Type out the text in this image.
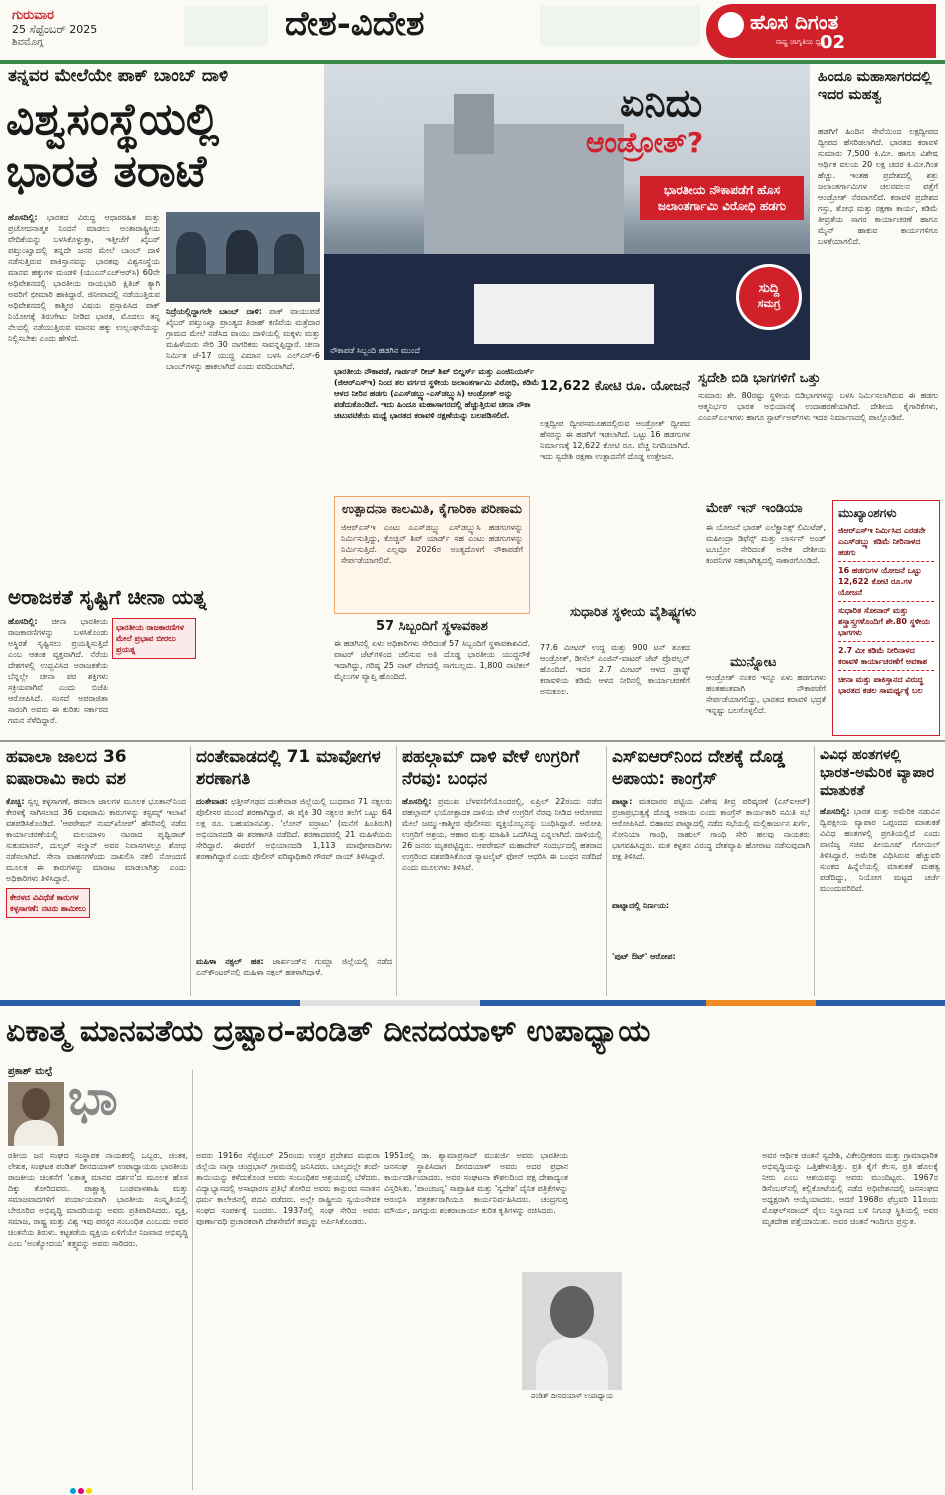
ಗುರುವಾರ
25 ಸೆಪ್ಟೆಂಬರ್ 2025
ಶಿವಮೊಗ್ಗ	ದೇಶ-ವಿದೇಶ	ಹೊಸ ದಿಗಂತ
ರಾಷ್ಟ್ರ ಜಾಗೃತಿಯ ಧ್ವನಿ
02
ತನ್ನವರ ಮೇಲೆಯೇ ಪಾಕ್ ಬಾಂಬ್ ದಾಳಿ
ವಿಶ್ವಸಂಸ್ಥೆಯಲ್ಲಿ
ಭಾರತ ತರಾಟೆ
ಹೊಸದಿಲ್ಲಿ: ಭಾರತದ ವಿರುದ್ಧ ಆಧಾರರಹಿತ ಮತ್ತು ಪ್ರಚೋದನಾತ್ಮಕ ನಿಂದನೆ ಮಾಡಲು ಅಂತಾರಾಷ್ಟ್ರೀಯ ವೇದಿಕೆಯನ್ನು ಬಳಸಿಕೊಳ್ಳುತ್ತಾ, ಇತ್ತೀಚೆಗೆ ಖೈಬರ್ ಪಖ್ತುಂಖ್ವಾದಲ್ಲಿ ತನ್ನದೇ ಜನರ ಮೇಲೆ ಬಾಂಬ್ ದಾಳಿ ನಡೆಸುತ್ತಿರುವ ಪಾಕಿಸ್ತಾನವನ್ನು ಭಾರತವು ವಿಶ್ವಸಂಸ್ಥೆಯ ಮಾನವ ಹಕ್ಕುಗಳ ಮಂಡಳಿ (ಯುಎನ್‌ಎಚ್‌ಆರ್‌ಸಿ) 60ನೇ ಅಧಿವೇಶನದಲ್ಲಿ ಭಾರತೀಯ ರಾಯಭಾರಿ ಕ್ಷಿತಿಜ್ ತ್ಯಾಗಿ ಅವರಿಗೆ ಛೀಮಾರಿ ಹಾಕಿದ್ದಾರೆ. ಜಿನೀವಾದಲ್ಲಿ ನಡೆಯುತ್ತಿರುವ ಅಧಿವೇಶನದಲ್ಲಿ ಕಾಶ್ಮೀರ ವಿಷಯ ಪ್ರಸ್ತಾಪಿಸಿದ ಪಾಕ್ ನಿಯೋಗಕ್ಕೆ ತಿರುಗೇಟು ನೀಡಿದ ಭಾರತ, ಮೊದಲು ತನ್ನ ನೆಲದಲ್ಲಿ ನಡೆಯುತ್ತಿರುವ ಮಾನವ ಹಕ್ಕು ಉಲ್ಲಂಘನೆಯನ್ನು ನಿಲ್ಲಿಸಬೇಕು ಎಂದು ಹೇಳಿದೆ.
ನಿದ್ರೆಯಲ್ಲಿದ್ದಾಗಲೇ ಬಾಂಬ್ ದಾಳಿ: ಪಾಕ್ ವಾಯುಪಡೆ ಖೈಬರ್ ಪಖ್ತುಂಖ್ವಾ ಪ್ರಾಂತ್ಯದ ತಿರಾಹ್ ಕಣಿವೆಯ ಮತ್ರೆದಾರ ಗ್ರಾಮದ ಮೇಲೆ ನಡೆಸಿದ ವಾಯು ದಾಳಿಯಲ್ಲಿ ಮಕ್ಕಳು ಮತ್ತು ಮಹಿಳೆಯರು ಸೇರಿ 30 ನಾಗರಿಕರು ಸಾವನ್ನಪ್ಪಿದ್ದಾರೆ. ಚೀನಾ ನಿರ್ಮಿತ ಜೆ-17 ಯುದ್ಧ ವಿಮಾನ ಬಳಸಿ ಎಲ್‌ಎಸ್-6 ಬಾಂಬ್‌ಗಳನ್ನು ಹಾಕಲಾಗಿದೆ ಎಂದು ವರದಿಯಾಗಿದೆ.
ನೌಕಾಪಡೆ ಸಿಬ್ಬಂದಿ ಹಡಗಿನ ಮುಂದೆ
ಏನಿದು
ಆಂಡ್ರೋತ್?
ಭಾರತೀಯ ನೌಕಾಪಡೆಗೆ ಹೊಸ ಜಲಾಂತರ್ಗಾಮಿ ವಿರೋಧಿ ಹಡಗು
ಸುದ್ದಿ
ಸಮಗ್ರ
ಭಾರತೀಯ ನೌಕಾಪಡೆ, ಗಾರ್ಡನ್ ರೀಚ್ ಶಿಪ್ ಬಿಲ್ಡರ್ಸ್ ಮತ್ತು ಎಂಜಿನಿಯರ್ಸ್ (ಜಿಆರ್‌ಎಸ್‌ಇ) ನಿಂದ ತಲ ವರ್ಗದ ಸ್ಥಳೀಯ ಜಲಾಂತರ್ಗಾಮಿ ವಿರೋಧಿ, ಕಡಿಮೆ ಆಳದ ನೀರಿನ ಹಡಗು (ಎಎಸ್‌ಡಬ್ಲ್ಯು-ಎಸ್‌ಡಬ್ಲ್ಯುಸಿ) ಆಂಡ್ರೋತ್ ಅನ್ನು ಪಡೆದುಕೊಂಡಿದೆ. ಇದು ಹಿಂದೂ ಮಹಾಸಾಗರದಲ್ಲಿ ಹೆಚ್ಚುತ್ತಿರುವ ಚೀನಾ ನೌಕಾ ಚಟುವಟಿಕೆಯ ಮಧ್ಯೆ ಭಾರತದ ಕರಾವಳಿ ರಕ್ಷಣೆಯನ್ನು ಬಲಪಡಿಸಲಿದೆ.
ಹಿಂದೂ ಮಹಾಸಾಗರದಲ್ಲಿ ಇದರ ಮಹತ್ವ
ಹಡಗಿಗೆ ಹಿಂದಿನ ಸೇವೆಯಿಂದ ಲಕ್ಷದ್ವೀಪದ ದ್ವೀಪದ ಹೆಸರಿಡಲಾಗಿದೆ. ಭಾರತದ ಕರಾವಳಿ ಸುಮಾರು 7,500 ಕಿ.ಮೀ. ಹಾಗೂ ವಿಶೇಷ ಆರ್ಥಿಕ ವಲಯ 20 ಲಕ್ಷ ಚದರ ಕಿ.ಮೀ.ಗಿಂತ ಹೆಚ್ಚು. ಇಂತಹ ಪ್ರದೇಶದಲ್ಲಿ ಶತ್ರು ಜಲಾಂತರ್ಗಾಮಿಗಳ ಚಲನವಲನ ಪತ್ತೆಗೆ ಆಂಡ್ರೋತ್ ನೆರವಾಗಲಿದೆ. ಕರಾವಳಿ ಪ್ರದೇಶದ ಗಸ್ತು, ಶೋಧ ಮತ್ತು ರಕ್ಷಣಾ ಕಾರ್ಯ, ಕಡಿಮೆ ತೀವ್ರತೆಯ ಸಾಗರ ಕಾರ್ಯಾಚರಣೆ ಹಾಗೂ ಮೈನ್ ಹಾಕುವ ಕಾರ್ಯಗಳಿಗೂ ಬಳಕೆಯಾಗಲಿದೆ.
ಉತ್ಪಾದನಾ ಕಾಲಮಿತಿ, ಕೈಗಾರಿಕಾ ಪರಿಣಾಮ
ಜಿಆರ್‌ಎಸ್‌ಇ ಎಂಟು ಎಎಸ್‌ಡಬ್ಲ್ಯು ಎಸ್‌ಡಬ್ಲ್ಯುಸಿ ಹಡಗುಗಳನ್ನು ನಿರ್ಮಿಸುತ್ತಿದ್ದು, ಕೊಚ್ಚಿನ್ ಶಿಪ್ ಯಾರ್ಡ್ ಸಹ ಎಂಟು ಹಡಗುಗಳನ್ನು ನಿರ್ಮಿಸುತ್ತಿದೆ. ಎಲ್ಲವೂ 2026ರ ಅಂತ್ಯದೊಳಗೆ ನೌಕಾಪಡೆಗೆ ಸೇರ್ಪಡೆಯಾಗಲಿವೆ.
57 ಸಿಬ್ಬಂದಿಗೆ ಸ್ಥಳಾವಕಾಶ
ಈ ಹಡಗಿನಲ್ಲಿ ಏಳು ಅಧಿಕಾರಿಗಳು ಸೇರಿದಂತೆ 57 ಸಿಬ್ಬಂದಿಗೆ ಸ್ಥಳಾವಕಾಶವಿದೆ. ವಾಟರ್ ಜೆಟ್‌ಗಳಿಂದ ಚಲಿಸುವ ಅತಿ ದೊಡ್ಡ ಭಾರತೀಯ ಯುದ್ಧನೌಕೆ ಇದಾಗಿದ್ದು, ಗರಿಷ್ಠ 25 ನಾಟ್ ವೇಗದಲ್ಲಿ ಸಾಗಬಲ್ಲದು. 1,800 ನಾಟಿಕಲ್ ಮೈಲುಗಳ ವ್ಯಾಪ್ತಿ ಹೊಂದಿದೆ.
12,622 ಕೋಟಿ ರೂ. ಯೋಜನೆ
ಲಕ್ಷದ್ವೀಪ ದ್ವೀಪಸಮೂಹದಲ್ಲಿರುವ ಆಂಡ್ರೋತ್ ದ್ವೀಪದ ಹೆಸರನ್ನು ಈ ಹಡಗಿಗೆ ಇಡಲಾಗಿದೆ. ಒಟ್ಟು 16 ಹಡಗುಗಳ ನಿರ್ಮಾಣಕ್ಕೆ 12,622 ಕೋಟಿ ರೂ. ವೆಚ್ಚ ನಿಗದಿಯಾಗಿದೆ. ಇದು ಸ್ವದೇಶಿ ರಕ್ಷಣಾ ಉತ್ಪಾದನೆಗೆ ದೊಡ್ಡ ಉತ್ತೇಜನ.
ಸುಧಾರಿತ ಸ್ಥಳೀಯ ವೈಶಿಷ್ಟ್ಯಗಳು
77.6 ಮೀಟರ್ ಉದ್ದ ಮತ್ತು 900 ಟನ್ ತೂಕದ ಆಂಡ್ರೋತ್, ಡೀಸೆಲ್ ಎಂಜಿನ್-ವಾಟರ್ ಜೆಟ್ ಪ್ರೊಪಲ್ಷನ್ ಹೊಂದಿದೆ. ಇದರ 2.7 ಮೀಟರ್ ಆಳದ ಡ್ರಾಫ್ಟ್ ಕರಾವಳಿಯ ಕಡಿಮೆ ಆಳದ ನೀರಿನಲ್ಲಿ ಕಾರ್ಯಾಚರಣೆಗೆ ಅನುಕೂಲ.
ಸ್ವದೇಶಿ ಬಿಡಿ ಭಾಗಗಳಿಗೆ ಒತ್ತು
ಸುಮಾರು ಶೇ. 80ರಷ್ಟು ಸ್ಥಳೀಯ ಬಿಡಿಭಾಗಗಳನ್ನು ಬಳಸಿ ನಿರ್ಮಿಸಲಾಗಿರುವ ಈ ಹಡಗು ಆತ್ಮನಿರ್ಭರ ಭಾರತ ಅಭಿಯಾನಕ್ಕೆ ಉದಾಹರಣೆಯಾಗಿದೆ. ದೇಶೀಯ ಕೈಗಾರಿಕೆಗಳು, ಎಂಎಸ್‌ಎಂಇಗಳು ಹಾಗೂ ಸ್ಟಾರ್ಟ್‌ಅಪ್‌ಗಳು ಇದರ ನಿರ್ಮಾಣದಲ್ಲಿ ಪಾಲ್ಗೊಂಡಿವೆ.
ಮೇಕ್ ಇನ್ ಇಂಡಿಯಾ
ಈ ಯೋಜನೆ ಭಾರತ್ ಎಲೆಕ್ಟ್ರಾನಿಕ್ಸ್ ಲಿಮಿಟೆಡ್, ಮಹೀಂದ್ರಾ ಡಿಫೆನ್ಸ್ ಮತ್ತು ಲಾರ್ಸನ್ ಅಂಡ್ ಟೂಬ್ರೋ ಸೇರಿದಂತೆ ಅನೇಕ ದೇಶೀಯ ಕಂಪನಿಗಳ ಸಹಭಾಗಿತ್ವದಲ್ಲಿ ಸಾಕಾರಗೊಂಡಿದೆ.
ಮುನ್ನೋಟ
ಆಂಡ್ರೋತ್ ನಂತರ ಇನ್ನೂ ಏಳು ಹಡಗುಗಳು ಹಂತಹಂತವಾಗಿ ನೌಕಾಪಡೆಗೆ ಸೇರ್ಪಡೆಯಾಗಲಿದ್ದು, ಭಾರತದ ಕರಾವಳಿ ಭದ್ರತೆ ಇನ್ನಷ್ಟು ಬಲಗೊಳ್ಳಲಿದೆ.
ಮುಖ್ಯಾಂಶಗಳು
ಜಿಆರ್‌ಎಸ್‌ಇ ನಿರ್ಮಿಸಿದ ಎರಡನೇ ಎಎಸ್‌ಡಬ್ಲ್ಯು ಕಡಿಮೆ ನೀರಿನಾಳದ ಹಡಗು
16 ಹಡಗುಗಳ ಯೋಜನೆ ಒಟ್ಟು 12,622 ಕೋಟಿ ರೂ.ಗಳ ಯೋಜನೆ
ಸುಧಾರಿತ ಸೋನಾರ್ ಮತ್ತು ಶಸ್ತ್ರಾಸ್ತ್ರಗಳೊಂದಿಗೆ ಶೇ.80 ಸ್ಥಳೀಯ ಭಾಗಗಳು
2.7 ಮೀ ಕಡಿಮೆ ನೀರಿನಾಳದ ಕರಾವಳಿ ಕಾರ್ಯಾಚರಣೆಗೆ ಅವಕಾಶ
ಚೀನಾ ಮತ್ತು ಪಾಕಿಸ್ತಾನದ ವಿರುದ್ಧ ಭಾರತದ ಕಡಲ ಸಾಮರ್ಥ್ಯಕ್ಕೆ ಬಲ
ಅರಾಜಕತೆ ಸೃಷ್ಟಿಗೆ ಚೀನಾ ಯತ್ನ
ಹೊಸದಿಲ್ಲಿ: ಚೀನಾ ಭಾರತೀಯ ರಾಜಕಾರಣಿಗಳನ್ನು ಬಳಸಿಕೊಂಡು ಅಸ್ಥಿರತೆ ಸೃಷ್ಟಿಸಲು ಪ್ರಯತ್ನಿಸುತ್ತಿದೆ ಎಂಬ ಆತಂಕ ವ್ಯಕ್ತವಾಗಿದೆ. ನೆರೆಯ ದೇಶಗಳಲ್ಲಿ ಉದ್ಭವಿಸಿದ ಅರಾಜಕತೆಯ ಬೆನ್ನಲ್ಲೇ ಚೀನಾ ಪರ ಶಕ್ತಿಗಳು ಸಕ್ರಿಯವಾಗಿವೆ ಎಂದು ಬಿಜೆಪಿ ಆರೋಪಿಸಿದೆ. ಸಂಸದೆ ಅಪರಾಜಿತಾ ಸಾರಂಗಿ ಅವರು ಈ ಕುರಿತು ಸರ್ಕಾರದ ಗಮನ ಸೆಳೆದಿದ್ದಾರೆ.
ಭಾರತೀಯ ರಾಜಕಾರಣಿಗಳ ಮೇಲೆ ಪ್ರಭಾವ ಬೀರಲು ಪ್ರಯತ್ನ
ಹವಾಲಾ ಜಾಲದ 36 ಐಷಾರಾಮಿ ಕಾರು ವಶ
ಕೊಚ್ಚಿ: ಸ್ವಲ್ಪ ಕಳ್ಳಸಾಗಣೆ, ಹವಾಲಾ ಜಾಲಗಳ ಮೂಲಕ ಭೂತಾನ್‌ನಿಂದ ಕೇರಳಕ್ಕೆ ಸಾಗಿಸಲಾದ 36 ಐಷಾರಾಮಿ ಕಾರುಗಳನ್ನು ಕಸ್ಟಮ್ಸ್ ಇಲಾಖೆ ವಶಪಡಿಸಿಕೊಂಡಿದೆ. 'ಆಪರೇಷನ್ ನುಮ್‌ಖೋರ್' ಹೆಸರಿನಲ್ಲಿ ನಡೆದ ಕಾರ್ಯಾಚರಣೆಯಲ್ಲಿ ಮಲಯಾಳಂ ನಟರಾದ ಪೃಥ್ವಿರಾಜ್ ಸುಕುಮಾರನ್, ದುಲ್ಕರ್ ಸಲ್ಮಾನ್ ಅವರ ನಿವಾಸಗಳಲ್ಲೂ ಶೋಧ ನಡೆಸಲಾಗಿದೆ. ಸೇನಾ ವಾಹನಗಳೆಂದು ದಾಖಲಿಸಿ ನಕಲಿ ನೋಂದಣಿ ಮೂಲಕ ಈ ಕಾರುಗಳನ್ನು ಮಾರಾಟ ಮಾಡಲಾಗಿತ್ತು ಎಂದು ಅಧಿಕಾರಿಗಳು ತಿಳಿಸಿದ್ದಾರೆ.
ಕೇರಳದ ವಿವಿಧೆಡೆ ಕಾರುಗಳ ಕಳ್ಳಸಾಗಣೆ: ನಟರು ಶಾಮೀಲು
ದಂತೇವಾಡದಲ್ಲಿ 71 ಮಾವೋಗಳ ಶರಣಾಗತಿ
ದಂತೇವಾಡ: ಛತ್ತೀಸ್‌ಗಢದ ದಂತೇವಾಡ ಜಿಲ್ಲೆಯಲ್ಲಿ ಬುಧವಾರ 71 ನಕ್ಸಲರು ಪೊಲೀಸರ ಮುಂದೆ ಶರಣಾಗಿದ್ದಾರೆ. ಈ ಪೈಕಿ 30 ನಕ್ಸಲರ ತಲೆಗೆ ಒಟ್ಟು 64 ಲಕ್ಷ ರೂ. ಬಹುಮಾನವಿತ್ತು. 'ಲೋನ್ ವರ್ರಾಟು' (ಮನೆಗೆ ಹಿಂತಿರುಗಿ) ಅಭಿಯಾನದಡಿ ಈ ಶರಣಾಗತಿ ನಡೆದಿದೆ. ಶರಣಾದವರಲ್ಲಿ 21 ಮಹಿಳೆಯರು ಸೇರಿದ್ದಾರೆ. ಈವರೆಗೆ ಅಭಿಯಾನದಡಿ 1,113 ಮಾವೋವಾದಿಗಳು ಶರಣಾಗಿದ್ದಾರೆ ಎಂದು ಪೊಲೀಸ್ ವರಿಷ್ಠಾಧಿಕಾರಿ ಗೌರವ್ ರಾಯ್ ತಿಳಿಸಿದ್ದಾರೆ.
ಮಹಿಳಾ ನಕ್ಸಲ್ ಹತ: ಜಾರ್ಖಂಡ್‌ನ ಗುಮ್ಲಾ ಜಿಲ್ಲೆಯಲ್ಲಿ ನಡೆದ ಎನ್‌ಕೌಂಟರ್‌ನಲ್ಲಿ ಮಹಿಳಾ ನಕ್ಸಲ್ ಹತಳಾಗಿದ್ದಾಳೆ.
ಪಹಲ್ಗಾಮ್ ದಾಳಿ ವೇಳೆ ಉಗ್ರರಿಗೆ ನೆರವು: ಬಂಧನ
ಹೊಸದಿಲ್ಲಿ: ಪ್ರಮುಖ ಬೆಳವಣಿಗೆಯೊಂದರಲ್ಲಿ, ಏಪ್ರಿಲ್ 22ರಂದು ನಡೆದ ಪಹಲ್ಗಾಮ್ ಭಯೋತ್ಪಾದಕ ದಾಳಿಯ ವೇಳೆ ಉಗ್ರರಿಗೆ ನೆರವು ನೀಡಿದ ಆರೋಪದ ಮೇಲೆ ಜಮ್ಮು-ಕಾಶ್ಮೀರ ಪೊಲೀಸರು ವ್ಯಕ್ತಿಯೊಬ್ಬನನ್ನು ಬಂಧಿಸಿದ್ದಾರೆ. ಆರೋಪಿ ಉಗ್ರರಿಗೆ ಆಶ್ರಯ, ಆಹಾರ ಮತ್ತು ಮಾಹಿತಿ ಒದಗಿಸಿದ್ದ ಎನ್ನಲಾಗಿದೆ. ದಾಳಿಯಲ್ಲಿ 26 ಜನರು ಮೃತಪಟ್ಟಿದ್ದರು. ಆಪರೇಷನ್ ಮಹಾದೇವ್ ಸಂದರ್ಭದಲ್ಲಿ ಹತರಾದ ಉಗ್ರರಿಂದ ವಶಪಡಿಸಿಕೊಂಡ ಸ್ಯಾಟಲೈಟ್ ಫೋನ್ ಆಧರಿಸಿ ಈ ಬಂಧನ ನಡೆದಿದೆ ಎಂದು ಮೂಲಗಳು ತಿಳಿಸಿವೆ.
ಎಸ್‌ಐಆರ್‌ನಿಂದ ದೇಶಕ್ಕೆ ದೊಡ್ಡ ಅಪಾಯ: ಕಾಂಗ್ರೆಸ್
ಪಾಟ್ನಾ: ಮತದಾರರ ಪಟ್ಟಿಯ ವಿಶೇಷ ತೀವ್ರ ಪರಿಷ್ಕರಣೆ (ಎಸ್‌ಐಆರ್) ಪ್ರಜಾಪ್ರಭುತ್ವಕ್ಕೆ ದೊಡ್ಡ ಅಪಾಯ ಎಂದು ಕಾಂಗ್ರೆಸ್ ಕಾರ್ಯಕಾರಿ ಸಮಿತಿ ಸಭೆ ಆರೋಪಿಸಿದೆ. ಬಿಹಾರದ ಪಾಟ್ನಾದಲ್ಲಿ ನಡೆದ ಸಭೆಯಲ್ಲಿ ಮಲ್ಲಿಕಾರ್ಜುನ ಖರ್ಗೆ, ಸೋನಿಯಾ ಗಾಂಧಿ, ರಾಹುಲ್ ಗಾಂಧಿ ಸೇರಿ ಹಲವು ನಾಯಕರು ಭಾಗವಹಿಸಿದ್ದರು. ಮತ ಕಳ್ಳತನ ವಿರುದ್ಧ ದೇಶವ್ಯಾಪಿ ಹೋರಾಟ ನಡೆಸುವುದಾಗಿ ಪಕ್ಷ ತಿಳಿಸಿದೆ.
ಪಾಟ್ನಾದಲ್ಲಿ ನಿರ್ಣಯ:
'ಪುಟ್ ಔಟ್' ಆರೋಪ:
ವಿವಿಧ ಹಂತಗಳಲ್ಲಿ ಭಾರತ-ಅಮೆರಿಕ ವ್ಯಾಪಾರ ಮಾತುಕತೆ
ಹೊಸದಿಲ್ಲಿ: ಭಾರತ ಮತ್ತು ಅಮೆರಿಕ ನಡುವಿನ ದ್ವಿಪಕ್ಷೀಯ ವ್ಯಾಪಾರ ಒಪ್ಪಂದದ ಮಾತುಕತೆ ವಿವಿಧ ಹಂತಗಳಲ್ಲಿ ಪ್ರಗತಿಯಲ್ಲಿದೆ ಎಂದು ವಾಣಿಜ್ಯ ಸಚಿವ ಪೀಯೂಷ್ ಗೋಯಲ್ ತಿಳಿಸಿದ್ದಾರೆ. ಅಮೆರಿಕ ವಿಧಿಸಿರುವ ಹೆಚ್ಚುವರಿ ಸುಂಕದ ಹಿನ್ನೆಲೆಯಲ್ಲಿ ಮಾತುಕತೆ ಮಹತ್ವ ಪಡೆದಿದ್ದು, ನಿಯೋಗ ಮಟ್ಟದ ಚರ್ಚೆ ಮುಂದುವರಿದಿದೆ.
ಏಕಾತ್ಮ ಮಾನವತೆಯ ದ್ರಷ್ಟಾರ-ಪಂಡಿತ್ ದೀನದಯಾಳ್ ಉಪಾಧ್ಯಾಯ
ಪ್ರಕಾಶ್ ಮಲ್ಪೆ ಭಾ
ರತೀಯ ಜನ ಸಂಘದ ಸಂಸ್ಥಾಪಕ ನಾಯಕರಲ್ಲಿ ಒಬ್ಬರು, ಚಿಂತಕ, ಲೇಖಕ, ಸಂಘಟಕ ಪಂಡಿತ್ ದೀನದಯಾಳ್ ಉಪಾಧ್ಯಾಯರು ಭಾರತೀಯ ರಾಜಕೀಯ ಚಿಂತನೆಗೆ 'ಏಕಾತ್ಮ ಮಾನವ ದರ್ಶನ'ದ ಮೂಲಕ ಹೊಸ ದಿಕ್ಕು ತೋರಿದವರು. ಪಾಶ್ಚಾತ್ಯ ಬಂಡವಾಳಶಾಹಿ ಮತ್ತು ಸಮಾಜವಾದಗಳಿಗೆ ಪರ್ಯಾಯವಾಗಿ ಭಾರತೀಯ ಸಂಸ್ಕೃತಿಯಲ್ಲಿ ಬೇರೂರಿದ ಅಭಿವೃದ್ಧಿ ಮಾದರಿಯನ್ನು ಅವರು ಪ್ರತಿಪಾದಿಸಿದರು. ವ್ಯಕ್ತಿ, ಸಮಾಜ, ರಾಷ್ಟ್ರ ಮತ್ತು ವಿಶ್ವ ಇವು ಪರಸ್ಪರ ಸಂಬಂಧಿತ ಎಂಬುದು ಅವರ ಚಿಂತನೆಯ ತಿರುಳು. ಕಟ್ಟಕಡೆಯ ವ್ಯಕ್ತಿಯ ಏಳಿಗೆಯೇ ನಿಜವಾದ ಅಭಿವೃದ್ಧಿ ಎಂಬ 'ಅಂತ್ಯೋದಯ' ತತ್ತ್ವವನ್ನು ಅವರು ಸಾರಿದರು.
ಅವರು 1916ರ ಸೆಪ್ಟೆಂಬರ್ 25ರಂದು ಉತ್ತರ ಪ್ರದೇಶದ ಮಥುರಾ ಜಿಲ್ಲೆಯ ನಾಗ್ಲಾ ಚಂದ್ರಭಾನ್ ಗ್ರಾಮದಲ್ಲಿ ಜನಿಸಿದರು. ಬಾಲ್ಯದಲ್ಲೇ ತಂದೆ-ತಾಯಿಯನ್ನು ಕಳೆದುಕೊಂಡ ಅವರು ಸಂಬಂಧಿಕರ ಆಶ್ರಯದಲ್ಲಿ ಬೆಳೆದರು. ವಿದ್ಯಾಭ್ಯಾಸದಲ್ಲಿ ಅಸಾಧಾರಣ ಪ್ರತಿಭೆ ತೋರಿದ ಅವರು ಕಾನ್ಪುರದ ಸನಾತನ ಧರ್ಮ ಕಾಲೇಜಿನಲ್ಲಿ ಪದವಿ ಪಡೆದರು. ಅಲ್ಲೇ ರಾಷ್ಟ್ರೀಯ ಸ್ವಯಂಸೇವಕ ಸಂಘದ ಸಂಪರ್ಕಕ್ಕೆ ಬಂದರು. 1937ರಲ್ಲಿ ಸಂಘ ಸೇರಿದ ಅವರು ಪೂರ್ಣಾವಧಿ ಪ್ರಚಾರಕರಾಗಿ ದೇಶಸೇವೆಗೆ ತಮ್ಮನ್ನು ಅರ್ಪಿಸಿಕೊಂಡರು.
1951ರಲ್ಲಿ ಡಾ. ಶ್ಯಾಮಾಪ್ರಸಾದ್ ಮುಖರ್ಜಿ ಅವರು ಭಾರತೀಯ ಜನಸಂಘ ಸ್ಥಾಪಿಸಿದಾಗ ದೀನದಯಾಳ್ ಅವರು ಅದರ ಪ್ರಧಾನ ಕಾರ್ಯದರ್ಶಿಯಾದರು. ಅವರ ಸಂಘಟನಾ ಕೌಶಲದಿಂದ ಪಕ್ಷ ದೇಶಾದ್ಯಂತ ವಿಸ್ತರಿಸಿತು. 'ಪಾಂಚಜನ್ಯ' ಸಾಪ್ತಾಹಿಕ ಮತ್ತು 'ಸ್ವದೇಶ' ದೈನಿಕ ಪತ್ರಿಕೆಗಳನ್ನು ಆರಂಭಿಸಿ ಪತ್ರಕರ್ತರಾಗಿಯೂ ಕಾರ್ಯನಿರ್ವಹಿಸಿದರು. ಚಂದ್ರಗುಪ್ತ ಮೌರ್ಯ, ಜಗದ್ಗುರು ಶಂಕರಾಚಾರ್ಯ ಕುರಿತ ಕೃತಿಗಳನ್ನು ರಚಿಸಿದರು.
ಪಂಡಿತ್ ದೀನದಯಾಳ್ ಉಪಾಧ್ಯಾಯ
ಅವರ ಆರ್ಥಿಕ ಚಿಂತನೆ ಸ್ವದೇಶಿ, ವಿಕೇಂದ್ರೀಕರಣ ಮತ್ತು ಗ್ರಾಮಾಧಾರಿತ ಅಭಿವೃದ್ಧಿಯನ್ನು ಒತ್ತಿಹೇಳುತ್ತಿತ್ತು. ಪ್ರತಿ ಕೈಗೆ ಕೆಲಸ, ಪ್ರತಿ ಹೊಲಕ್ಕೆ ನೀರು ಎಂಬ ಆಶಯವನ್ನು ಅವರು ಮುಂದಿಟ್ಟರು. 1967ರ ಡಿಸೆಂಬರ್‌ನಲ್ಲಿ ಕಲ್ಲಿಕೋಟೆಯಲ್ಲಿ ನಡೆದ ಅಧಿವೇಶನದಲ್ಲಿ ಜನಸಂಘದ ಅಧ್ಯಕ್ಷರಾಗಿ ಆಯ್ಕೆಯಾದರು. ಆದರೆ 1968ರ ಫೆಬ್ರವರಿ 11ರಂದು ಮೊಘಲ್‌ಸರಾಯ್ ರೈಲು ನಿಲ್ದಾಣದ ಬಳಿ ನಿಗೂಢ ಸ್ಥಿತಿಯಲ್ಲಿ ಅವರ ಮೃತದೇಹ ಪತ್ತೆಯಾಯಿತು. ಅವರ ಚಿಂತನೆ ಇಂದಿಗೂ ಪ್ರಸ್ತುತ.
